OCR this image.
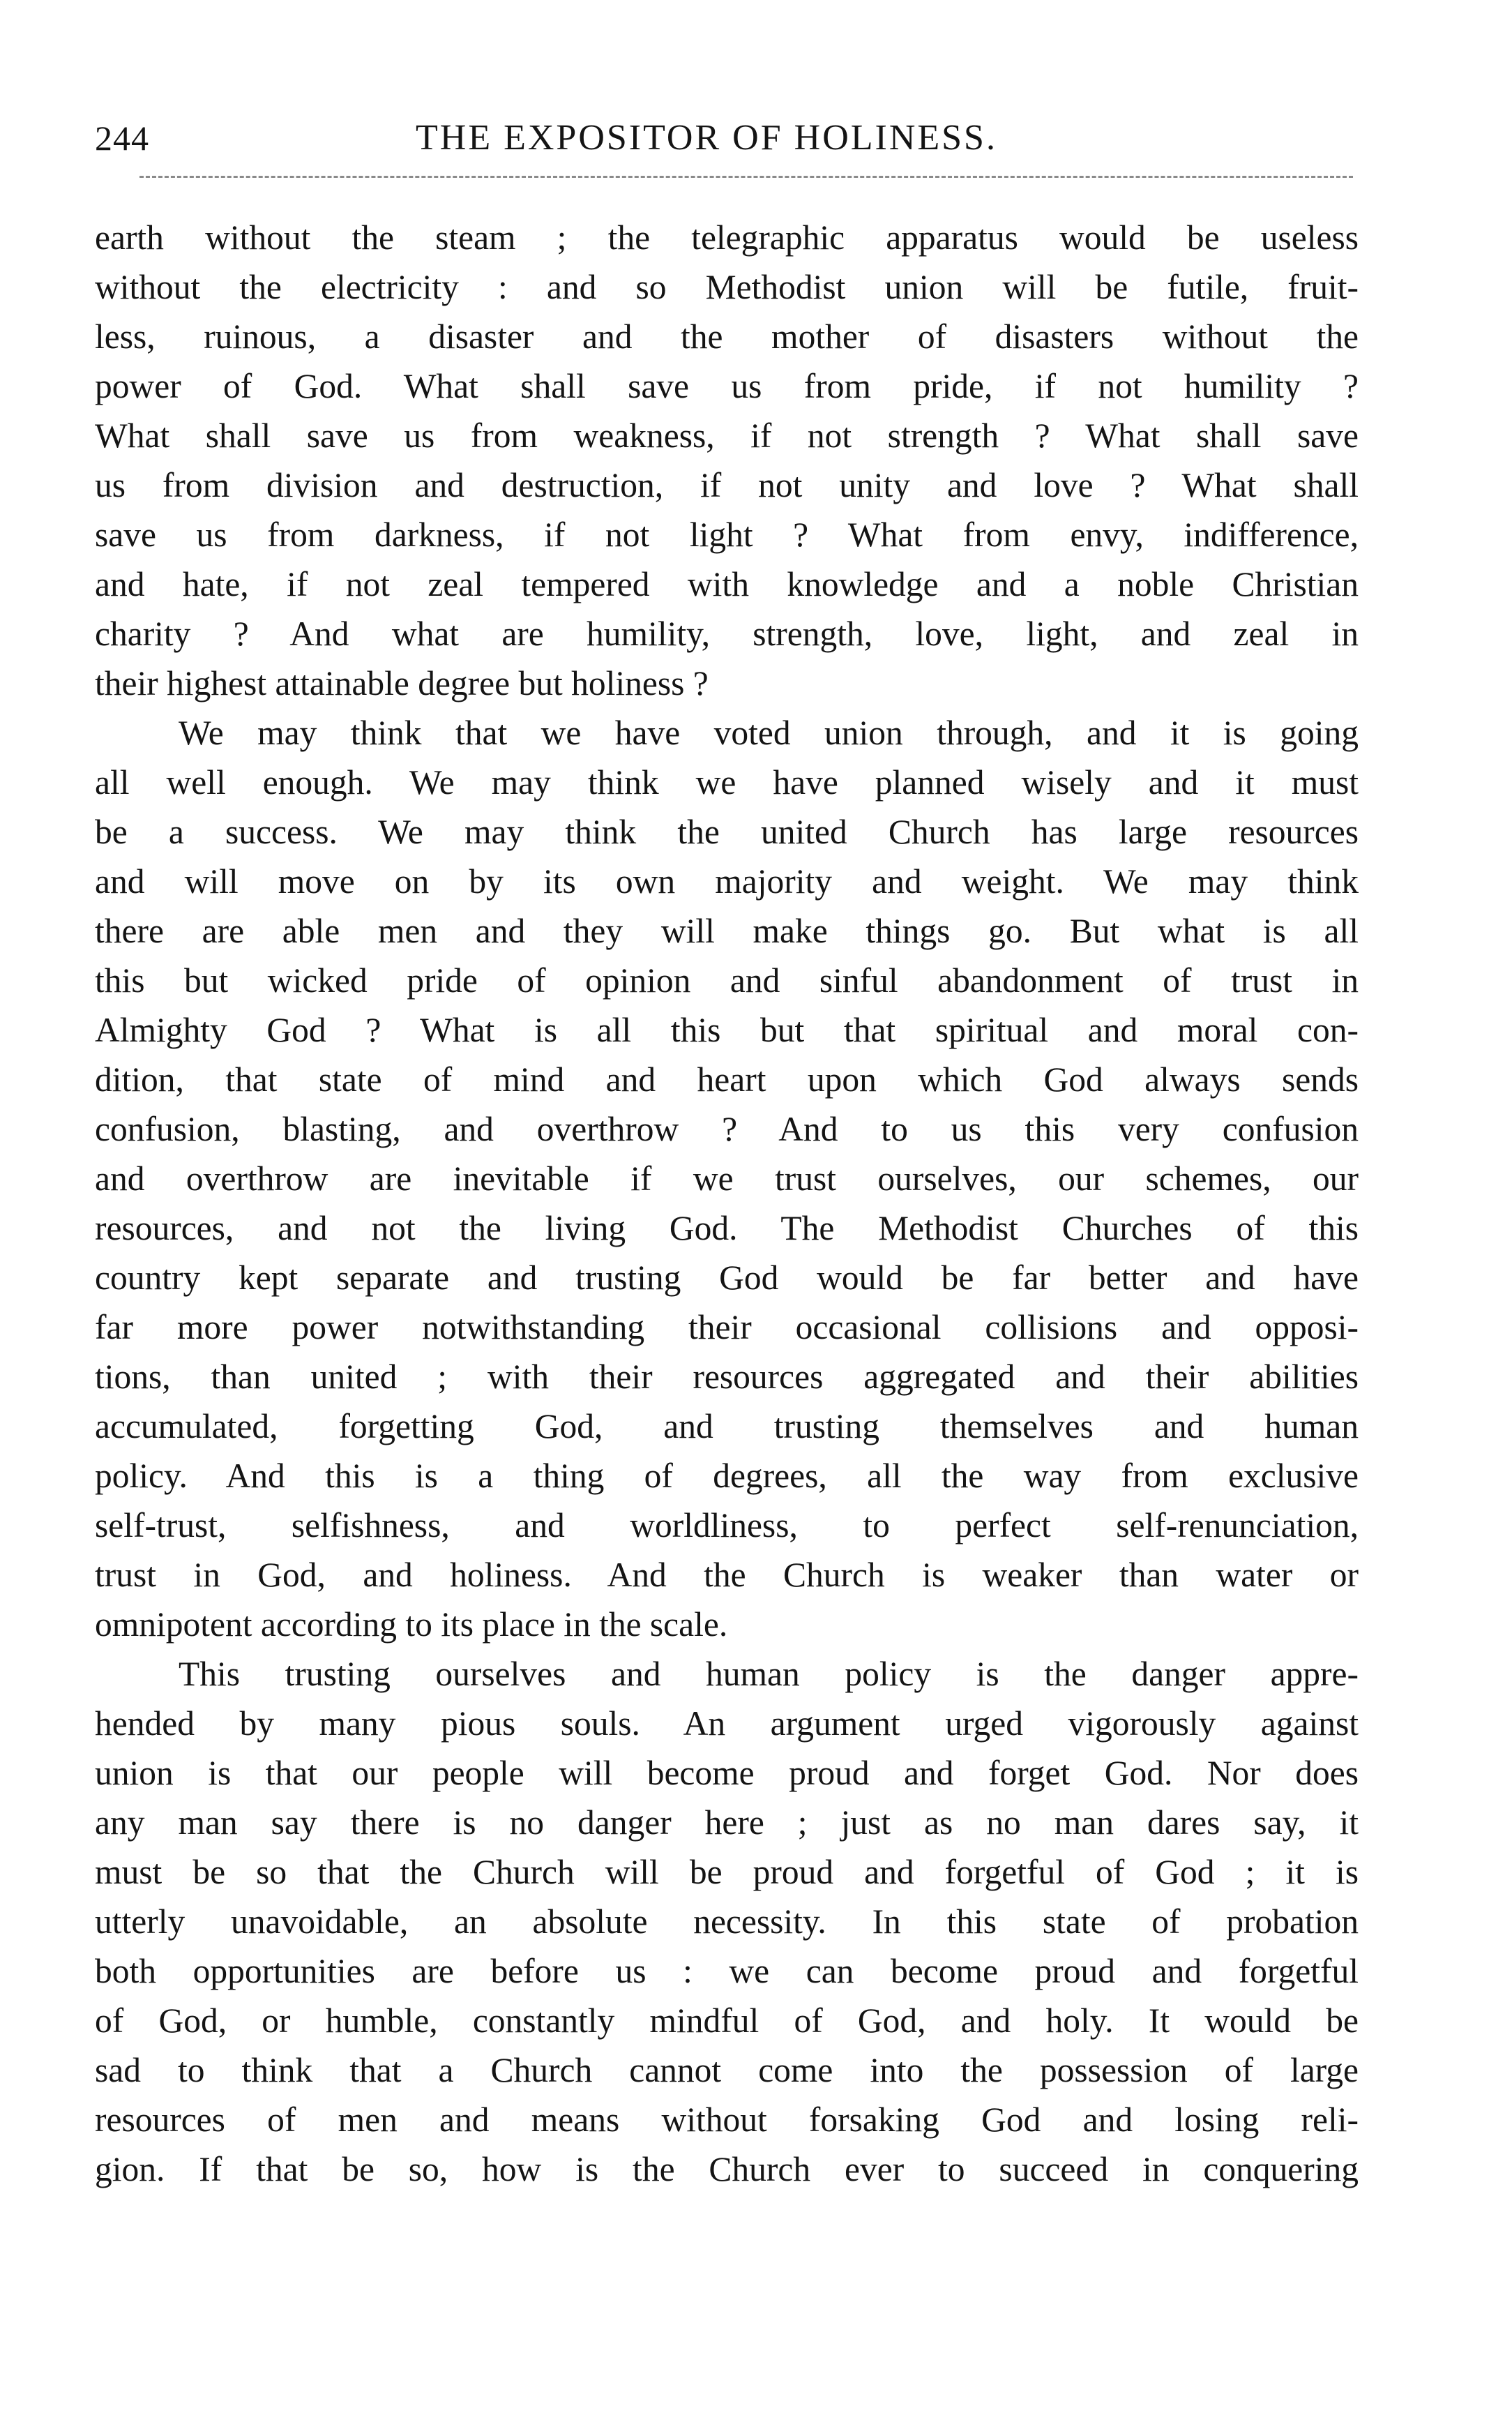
244	THE EXPOSITOR OF HOLINESS.

earth without the steam ; the telegraphic apparatus would be useless
without the electricity : and so Methodist union will be futile, fruit-
less, ruinous, a disaster and the mother of disasters without the
power of God. What shall save us from pride, if not humility ?
What shall save us from weakness, if not strength ? What shall save
us from division and destruction, if not unity and love ? What shall
save us from darkness, if not light ? What from envy, indifference,
and hate, if not zeal tempered with knowledge and a noble Christian
charity ? And what are humility, strength, love, light, and zeal in
their highest attainable degree but holiness ?

We may think that we have voted union through, and it is going
all well enough. We may think we have planned wisely and it must
be a success. We may think the united Church has large resources
and will move on by its own majority and weight. We may think
there are able men and they will make things go. But what is all
this but wicked pride of opinion and sinful abandonment of trust in
Almighty God ? What is all this but that spiritual and moral con-
dition, that state of mind and heart upon which God always sends
confusion, blasting, and overthrow ? And to us this very confusion
and overthrow are inevitable if we trust ourselves, our schemes, our
resources, and not the living God. The Methodist Churches of this
country kept separate and trusting God would be far better and have
far more power notwithstanding their occasional collisions and opposi-
tions, than united ; with their resources aggregated and their abilities
accumulated, forgetting God, and trusting themselves and human
policy. And this is a thing of degrees, all the way from exclusive
self-trust, selfishness, and worldliness, to perfect self-renunciation,
trust in God, and holiness. And the Church is weaker than water or
omnipotent according to its place in the scale.

This trusting ourselves and human policy is the danger appre-
hended by many pious souls. An argument urged vigorously against
union is that our people will become proud and forget God. Nor does
any man say there is no danger here ; just as no man dares say, it
must be so that the Church will be proud and forgetful of God ; it is
utterly unavoidable, an absolute necessity. In this state of probation
both opportunities are before us : we can become proud and forgetful
of God, or humble, constantly mindful of God, and holy. It would be
sad to think that a Church cannot come into the possession of large
resources of men and means without forsaking God and losing reli-
gion. If that be so, how is the Church ever to succeed in conquering
